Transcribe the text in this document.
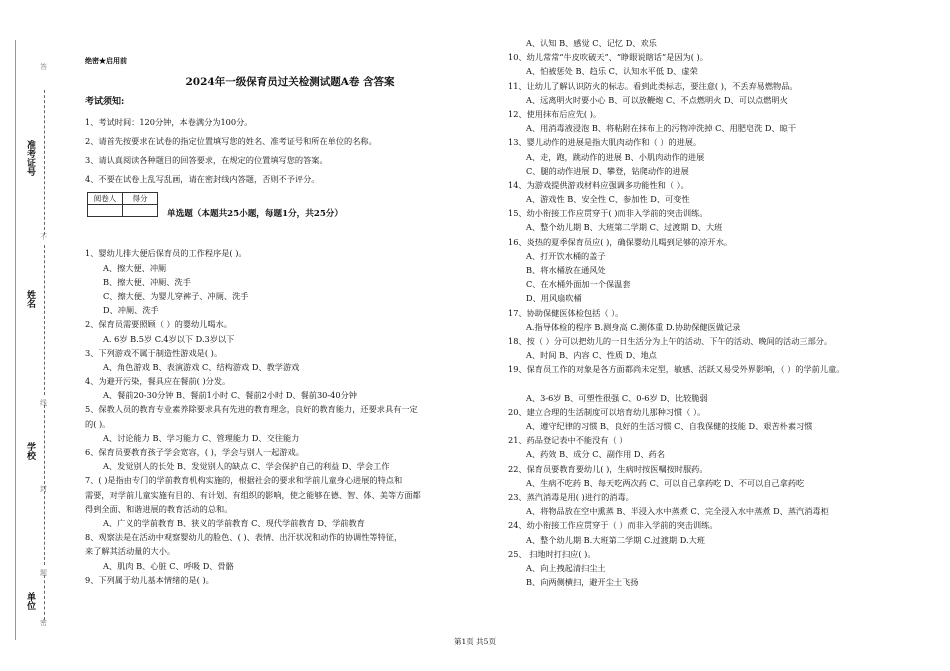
准考证号
姓名
学校
单位
答
不
线
封
题
密
绝密★启用前
2024年一级保育员过关检测试题A卷 含答案
考试须知:
1、考试时间：120分钟，本卷满分为100分。
2、请首先按要求在试卷的指定位置填写您的姓名、准考证号和所在单位的名称。
3、请认真阅读各种题目的回答要求，在规定的位置填写您的答案。
4、不要在试卷上乱写乱画，请在密封线内答题，否则不予评分。
阅卷人	得分

单选题（本题共25小题，每题1分，共25分）
1、婴幼儿排大便后保育员的工作程序是( )。
A、擦大便、冲厕
B、擦大便、冲厕、洗手
C、擦大便、为婴儿穿裤子、冲厕、洗手
D、冲厕、洗手
2、保育员需要照顾（ ）的婴幼儿喝水。
A. 6岁 B.5岁 C.4岁以下 D.3岁以下
3、下列游戏不属于制造性游戏是( )。
A、角色游戏 B、表演游戏 C、结构游戏 D、教学游戏
4、为避开污染，餐具应在餐前( )分发。
A、餐前20-30分钟 B、餐前1小时 C、餐前2小时 D、餐前30-40分钟
5、保教人员的教育专业素养除要求具有先进的教育理念，良好的教育能力，还要求具有一定
的( )。
A、讨论能力 B、学习能力 C、管理能力 D、交往能力
6、保育员要教育孩子学会宽容，( )，学会与别人一起游戏。
A、发觉别人的长处 B、发觉别人的缺点 C、学会保护自己的利益 D、学会工作
7、( )是指由专门的学前教育机构实施的，根据社会的要求和学前儿童身心进展的特点和
需要，对学前儿童实施有目的、有计划、有组织的影响，使之能够在德、智、体、美等方面都
得到全面、和谐进展的教育活动的总和。
A、广义的学前教育 B、狭义的学前教育 C、现代学前教育 D、学前教育
8、观察法是在活动中观察婴幼儿的脸色、( )、表情、出汗状况和动作的协调性等特征，
来了解其活动量的大小。
A、肌肉 B、心脏 C、呼吸 D、骨骼
9、下列属于幼儿基本情绪的是( )。
A、认知 B、感觉 C、记忆 D、欢乐
10、幼儿常常“牛皮吹破天”、“睁眼说瞎话”是因为( )。
A、怕被惩处 B、趋乐 C、认知水平低 D、虚荣
11、让幼儿了解认识防火的标志。看到此类标志，要注意( )，不丢弃易燃物品。
A、远离明火时要小心 B、可以放鞭炮 C、不点燃明火 D、可以点燃明火
12、使用抹布后应先( )。
A、用消毒液浸泡 B、将粘附在抹布上的污物冲洗掉 C、用肥皂洗 D、晾干
13、婴儿动作的进展是指大肌肉动作和（ ）的进展。
A、走，跑，跳动作的进展 B、小肌肉动作的进展
C、腿的动作进展 D、攀登，钻爬动作的进展
14、为游戏提供游戏材料应强调多功能性和（ ）。
A、游戏性 B、安全性 C、参加性 D、可变性
15、幼小衔接工作应贯穿于( )而非入学前的突击训练。
A、整个幼儿期 B、大班第二学期 C、过渡期 D、大班
16、炎热的夏季保育员应( )，确保婴幼儿喝到足够的凉开水。
A、打开饮水桶的盖子
B、将水桶放在通风处
C、在水桶外面加一个保温套
D、用风扇吹桶
17、协助保健医体检包括（ ）。
A.指导体检的程序 B.测身高 C.测体重 D.协助保健医做记录
18、按（ ）分可以把幼儿的一日生活分为上午的活动、下午的活动、晚间的活动三部分。
A、时间 B、内容 C、性质 D、地点
19、保育员工作的对象是各方面都尚未定型，敏感、活跃又易受外界影响，（ ）的学前儿童。
A、3-6岁 B、可塑性很强 C、0-6岁 D、比较脆弱
20、建立合理的生活制度可以培育幼儿那种习惯（ ）。
A、遵守纪律的习惯 B、良好的生活习惯 C、自我保健的技能 D、艰苦朴素习惯
21、药品登记表中不能没有（ ）
A、药效 B、成分 C、副作用 D、药名
22、保育员要教育要幼儿( )，生病时按医嘱按时服药。
A、生病不吃药 B、每天吃两次药 C、可以自己拿药吃 D、不可以自己拿药吃
23、蒸汽消毒是用( )进行的消毒。
A、将物品放在空中熏蒸 B、半浸入水中蒸煮 C、完全浸入水中蒸煮 D、蒸汽消毒柜
24、幼小衔接工作应贯穿于（ ）而非入学前的突击训练。
A、整个幼儿期 B.大班第二学期 C.过渡期 D.大班
25、 扫地时打扫应( )。
A、向上拽起清扫尘土
B、向两侧横扫，避开尘土飞扬
第1页 共5页
